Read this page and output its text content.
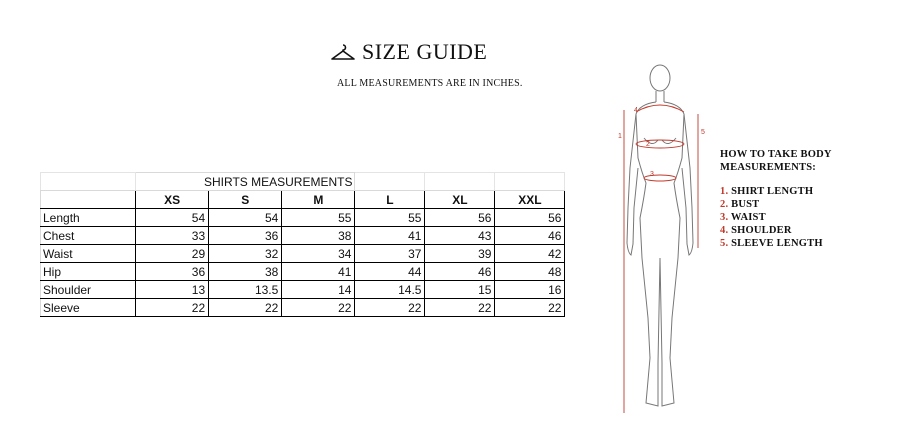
SIZE GUIDE
ALL MEASUREMENTS ARE IN INCHES.
	SHIRTS MEASUREMENTS					
	XS	S	M	L	XL	XXL
Length	54	54	55	55	56	56
Chest	33	36	38	41	43	46
Waist	29	32	34	37	39	42
Hip	36	38	41	44	46	48
Shoulder	13	13.5	14	14.5	15	16
Sleeve	22	22	22	22	22	22
1
2
3
4
5
HOW TO TAKE BODY MEASUREMENTS:
1. SHIRT LENGTH
2. BUST
3. WAIST
4. SHOULDER
5. SLEEVE LENGTH
